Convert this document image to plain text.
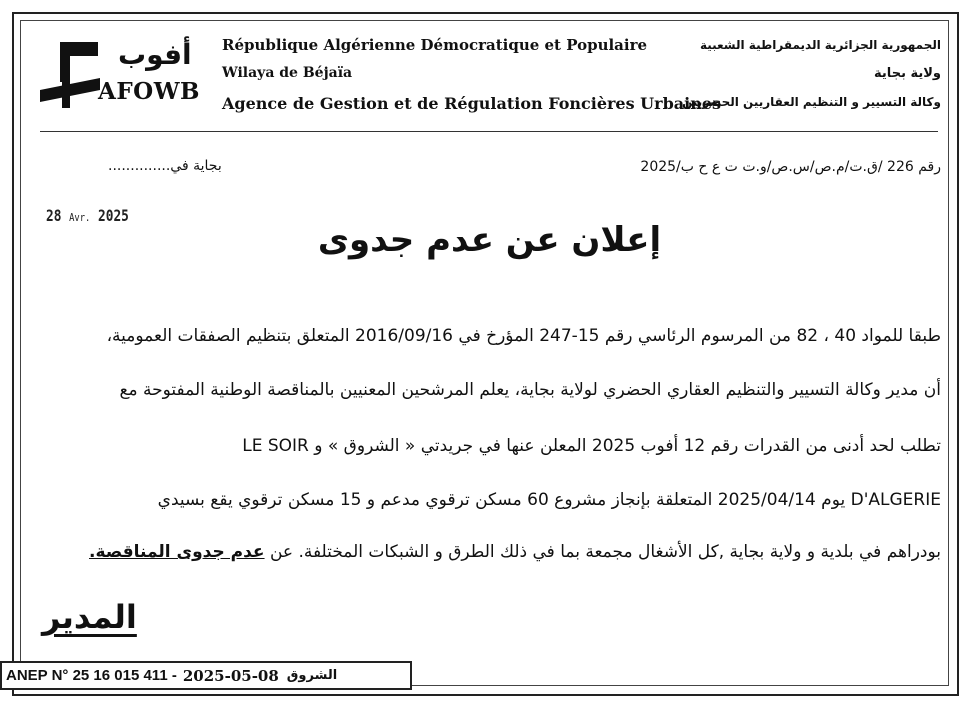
أفوب
AFOWB
République Algérienne Démocratique et Populaire
Wilaya de Béjaïa
Agence de Gestion et de Régulation Foncières Urbaines
الجمهورية الجزائرية الديمقراطية الشعبية
ولاية بجاية
وكالة التسيير و التنظيم العقاريين الحضريين
رقم 226 /ق.ت/م.ص/س.ص/و.ت ت ع ح ب/2025
بجاية في..............
28 Avr. 2025
إعلان عن عدم جدوى
طبقا للمواد 40 ، 82 من المرسوم الرئاسي رقم 15-247 المؤرخ في 2016/09/16 المتعلق بتنظيم الصفقات العمومية،
أن مدير وكالة التسيير والتنظيم العقاري الحضري لولاية بجاية، يعلم المرشحين المعنيين بالمناقصة الوطنية المفتوحة مع
تطلب لحد أدنى من القدرات رقم 12 أفوب 2025 المعلن عنها في جريدتي « الشروق » و LE SOIR
D'ALGERIE يوم 2025/04/14 المتعلقة بإنجاز مشروع 60 مسكن ترقوي مدعم و 15 مسكن ترقوي يقع بسيدي
بودراهم في بلدية و ولاية بجاية ,كل الأشغال مجمعة بما في ذلك الطرق و الشبكات المختلفة. عن عدم جدوى المناقصة.
المدير
ANEP N° 25 16 015 411 - 2025-05-08 الشروق
